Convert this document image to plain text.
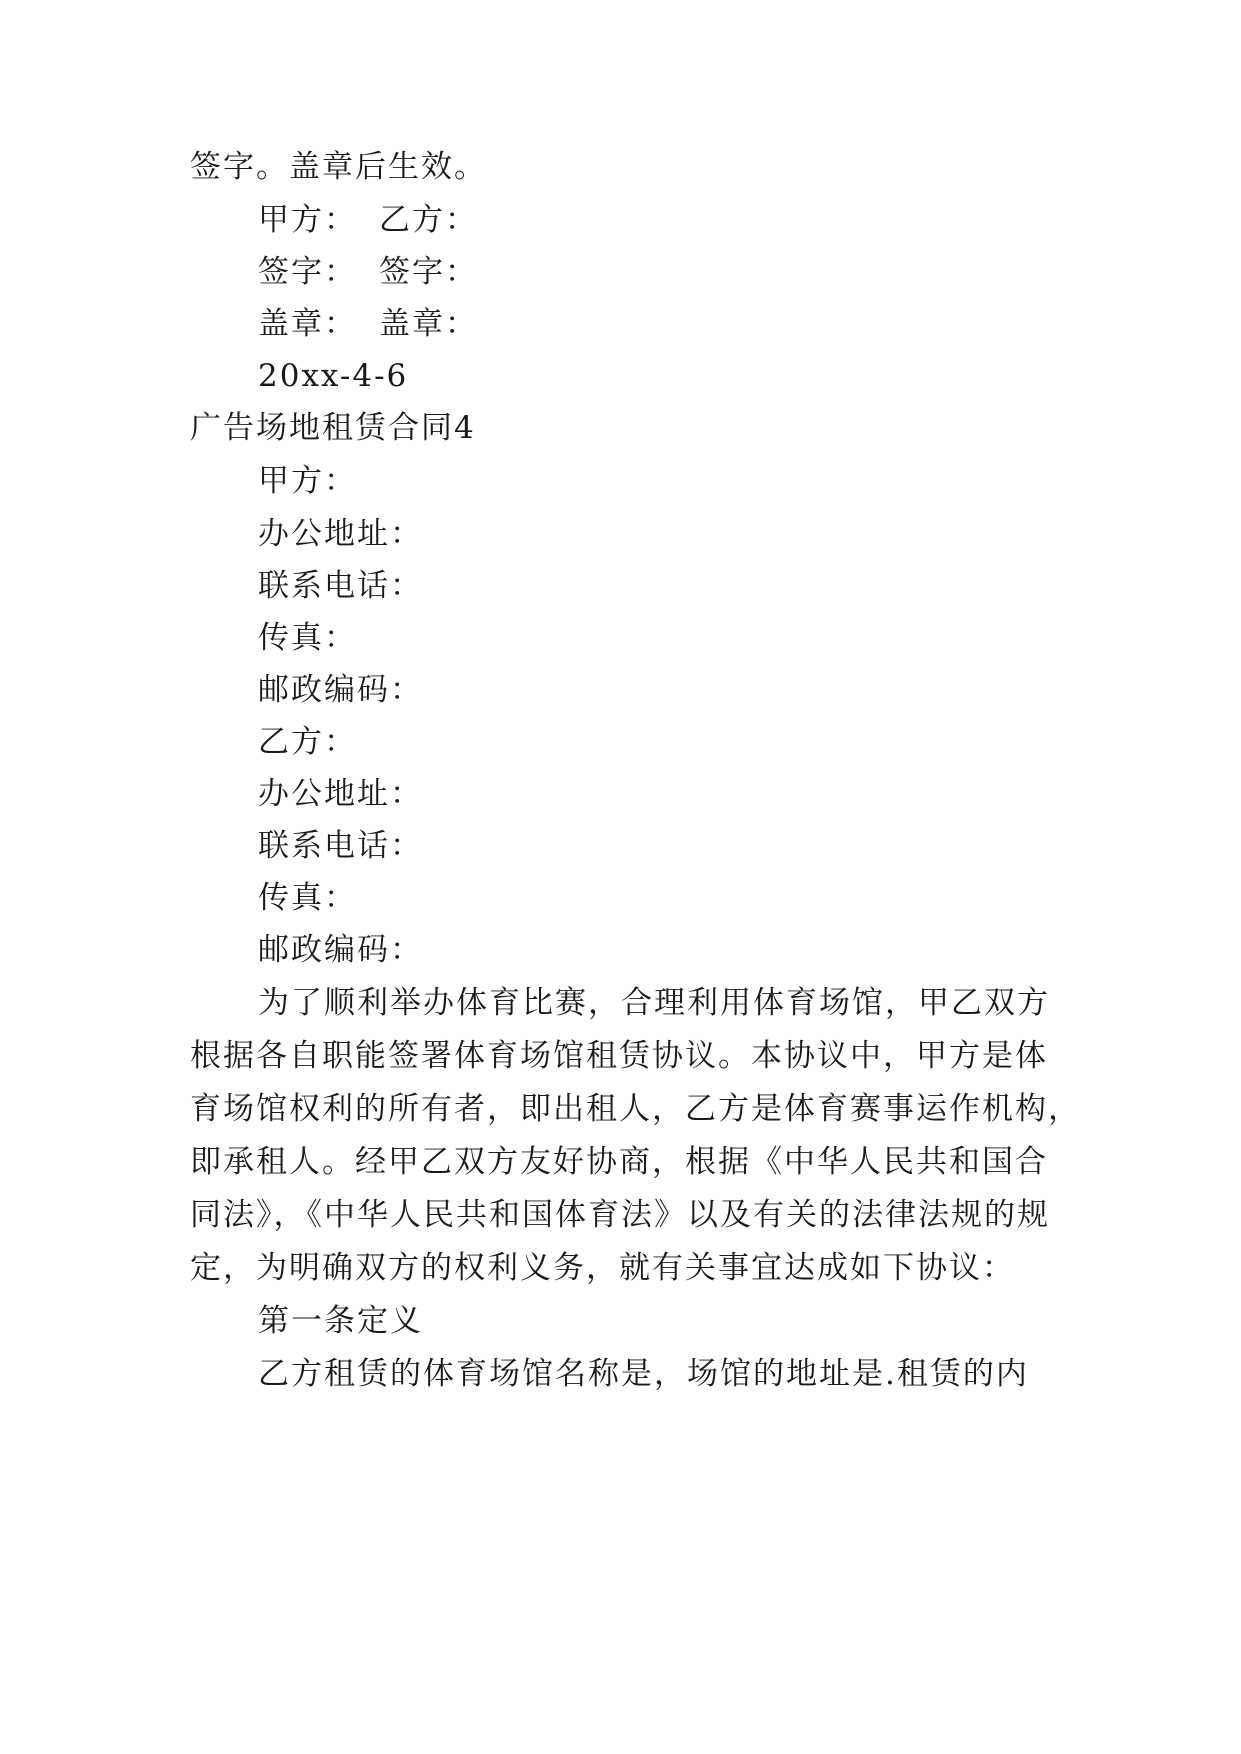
签字。盖章后生效。
甲方： 乙方：
签字： 签字：
盖章： 盖章：
20xx-4-6
广告场地租赁合同4
甲方：
办公地址：
联系电话：
传真：
邮政编码：
乙方：
办公地址：
联系电话：
传真：
邮政编码：
为了顺利举办体育比赛，合理利用体育场馆，甲乙双方
根据各自职能签署体育场馆租赁协议。本协议中，甲方是体
育场馆权利的所有者，即出租人，乙方是体育赛事运作机构，
即承租人。经甲乙双方友好协商，根据《中华人民共和国合
同法》，《中华人民共和国体育法》以及有关的法律法规的规
定，为明确双方的权利义务，就有关事宜达成如下协议：
第一条定义
乙方租赁的体育场馆名称是，场馆的地址是.租赁的内
